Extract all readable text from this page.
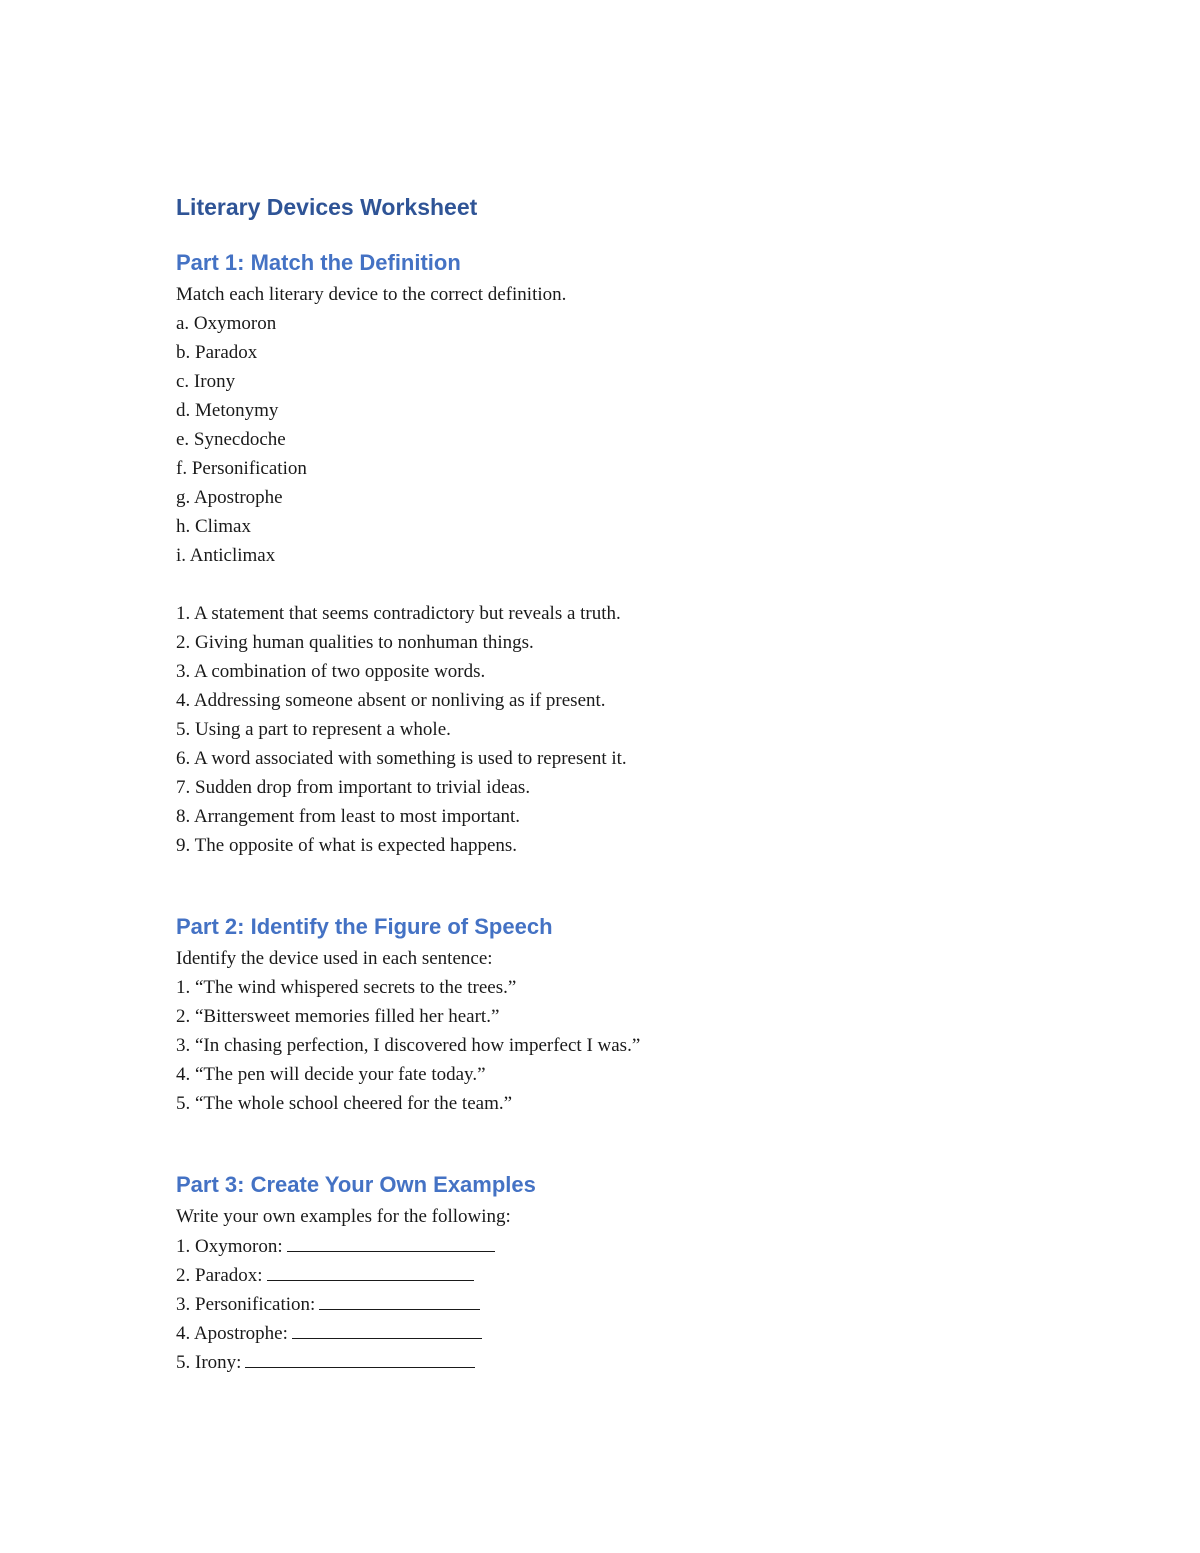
Literary Devices Worksheet
Part 1: Match the Definition
Match each literary device to the correct definition.
a. Oxymoron
b. Paradox
c. Irony
d. Metonymy
e. Synecdoche
f. Personification
g. Apostrophe
h. Climax
i. Anticlimax
1. A statement that seems contradictory but reveals a truth.
2. Giving human qualities to nonhuman things.
3. A combination of two opposite words.
4. Addressing someone absent or nonliving as if present.
5. Using a part to represent a whole.
6. A word associated with something is used to represent it.
7. Sudden drop from important to trivial ideas.
8. Arrangement from least to most important.
9. The opposite of what is expected happens.
Part 2: Identify the Figure of Speech
Identify the device used in each sentence:
1. “The wind whispered secrets to the trees.”
2. “Bittersweet memories filled her heart.”
3. “In chasing perfection, I discovered how imperfect I was.”
4. “The pen will decide your fate today.”
5. “The whole school cheered for the team.”
Part 3: Create Your Own Examples
Write your own examples for the following:
1. Oxymoron:
2. Paradox:
3. Personification:
4. Apostrophe:
5. Irony:
